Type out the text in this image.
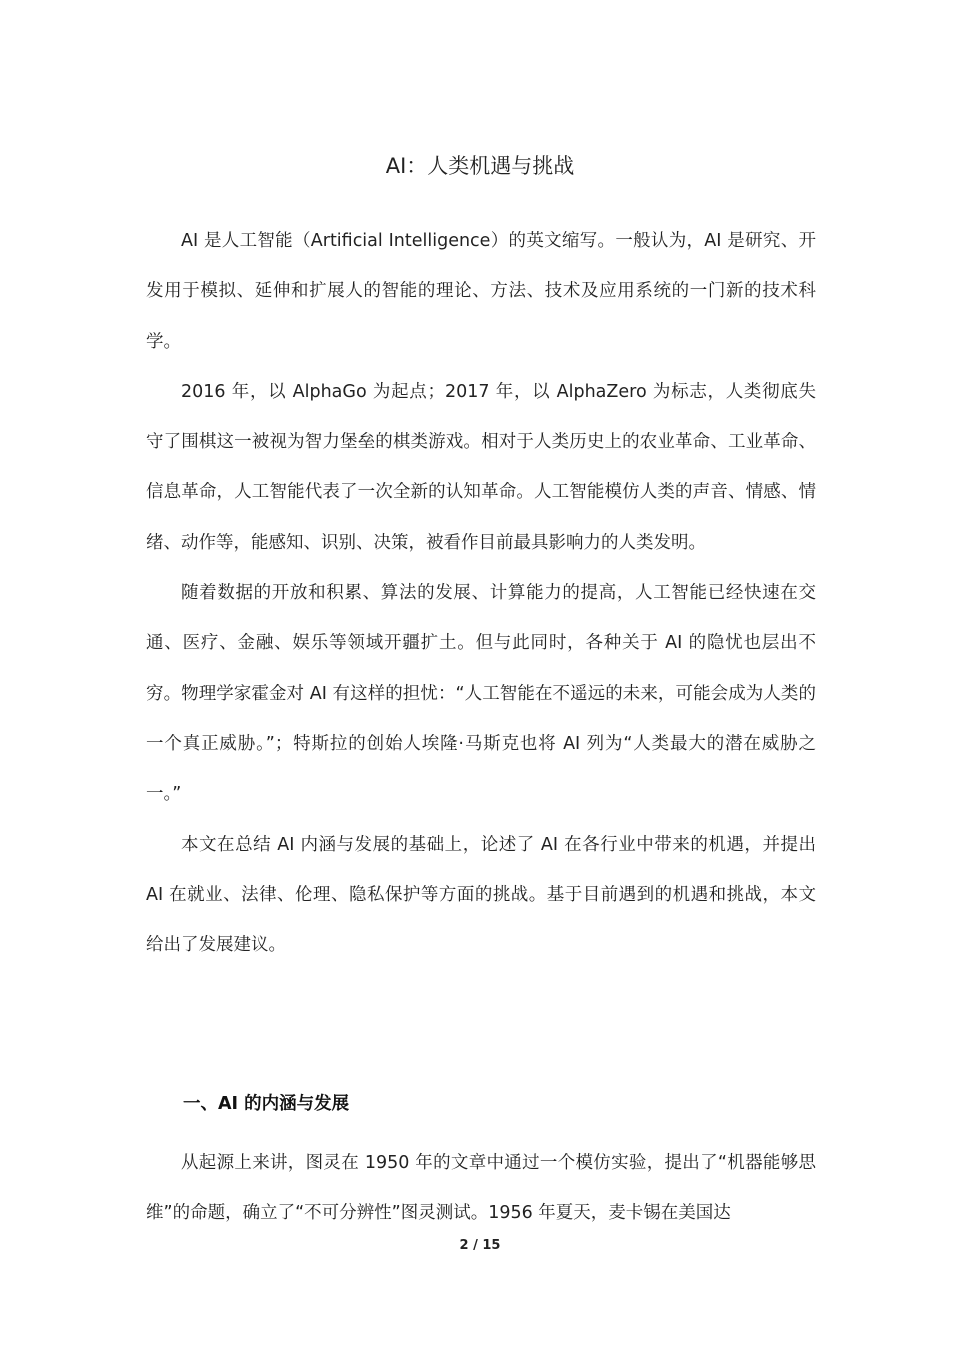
AI：人类机遇与挑战

AI 是人工智能（Artificial Intelligence）的英文缩写。一般认为，AI 是研究、开发用于模拟、延伸和扩展人的智能的理论、方法、技术及应用系统的一门新的技术科学。

2016 年，以 AlphaGo 为起点；2017 年，以 AlphaZero 为标志，人类彻底失守了围棋这一被视为智力堡垒的棋类游戏。相对于人类历史上的农业革命、工业革命、信息革命，人工智能代表了一次全新的认知革命。人工智能模仿人类的声音、情感、情绪、动作等，能感知、识别、决策，被看作目前最具影响力的人类发明。

随着数据的开放和积累、算法的发展、计算能力的提高，人工智能已经快速在交通、医疗、金融、娱乐等领域开疆扩土。但与此同时，各种关于 AI 的隐忧也层出不穷。物理学家霍金对 AI 有这样的担忧：“人工智能在不遥远的未来，可能会成为人类的一个真正威胁。”；特斯拉的创始人埃隆·马斯克也将 AI 列为“人类最大的潜在威胁之一。”

本文在总结 AI 内涵与发展的基础上，论述了 AI 在各行业中带来的机遇，并提出 AI 在就业、法律、伦理、隐私保护等方面的挑战。基于目前遇到的机遇和挑战，本文给出了发展建议。

一、AI 的内涵与发展

从起源上来讲，图灵在 1950 年的文章中通过一个模仿实验，提出了“机器能够思维”的命题，确立了“不可分辨性”图灵测试。1956 年夏天，麦卡锡在美国达

2 / 15
